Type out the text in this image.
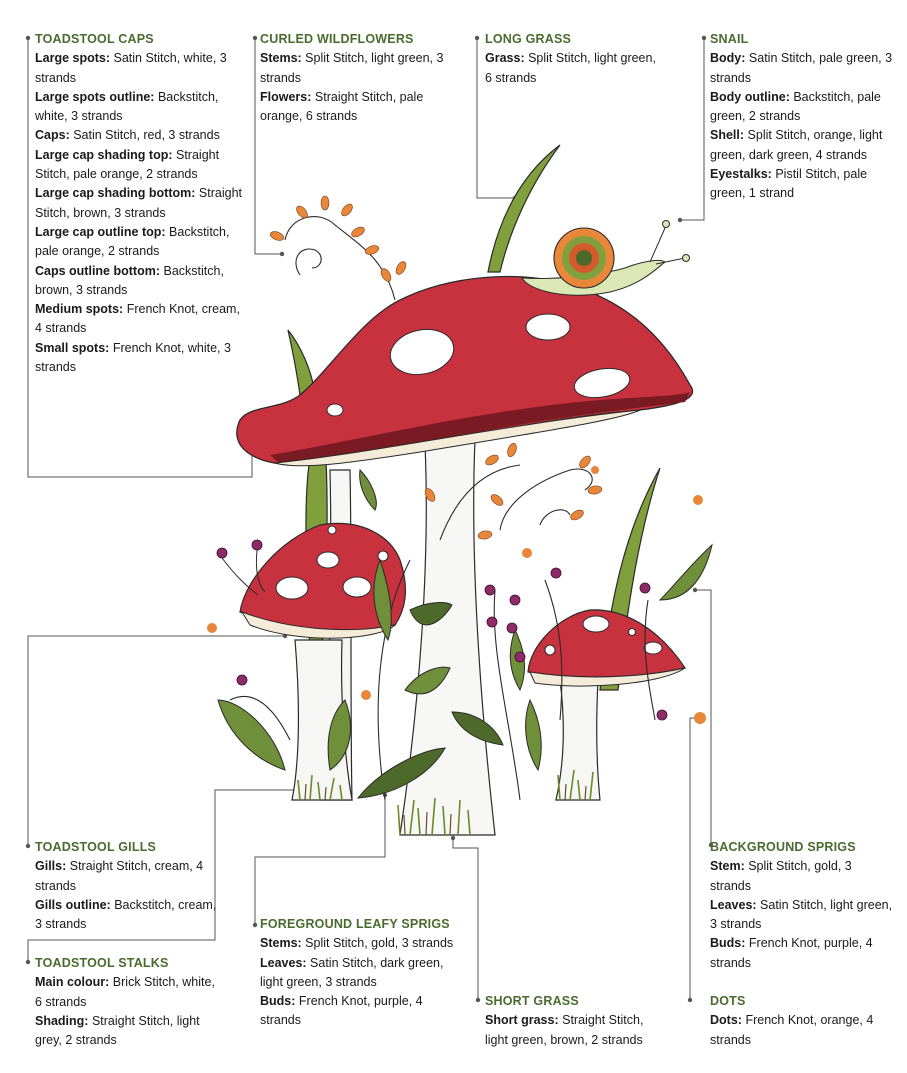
TOADSTOOL CAPS
Large spots: Satin Stitch, white, 3 strands
Large spots outline: Backstitch, white, 3 strands
Caps: Satin Stitch, red, 3 strands
Large cap shading top: Straight Stitch, pale orange, 2 strands
Large cap shading bottom: Straight Stitch, brown, 3 strands
Large cap outline top: Backstitch, pale orange, 2 strands
Caps outline bottom: Backstitch, brown, 3 strands
Medium spots: French Knot, cream, 4 strands
Small spots: French Knot, white, 3 strands
CURLED WILDFLOWERS
Stems: Split Stitch, light green, 3 strands
Flowers: Straight Stitch, pale orange, 6 strands
LONG GRASS
Grass: Split Stitch, light green, 6 strands
SNAIL
Body: Satin Stitch, pale green, 3 strands
Body outline: Backstitch, pale green, 2 strands
Shell: Split Stitch, orange, light green, dark green, 4 strands
Eyestalks: Pistil Stitch, pale green, 1 strand
TOADSTOOL GILLS
Gills: Straight Stitch, cream, 4 strands
Gills outline: Backstitch, cream, 3 strands
TOADSTOOL STALKS
Main colour: Brick Stitch, white, 6 strands
Shading: Straight Stitch, light grey, 2 strands
FOREGROUND LEAFY SPRIGS
Stems: Split Stitch, gold, 3 strands
Leaves: Satin Stitch, dark green, light green, 3 strands
Buds: French Knot, purple, 4 strands
SHORT GRASS
Short grass: Straight Stitch, light green, brown, 2 strands
BACKGROUND SPRIGS
Stem: Split Stitch, gold, 3 strands
Leaves: Satin Stitch, light green, 3 strands
Buds: French Knot, purple, 4 strands
DOTS
Dots: French Knot, orange, 4 strands
